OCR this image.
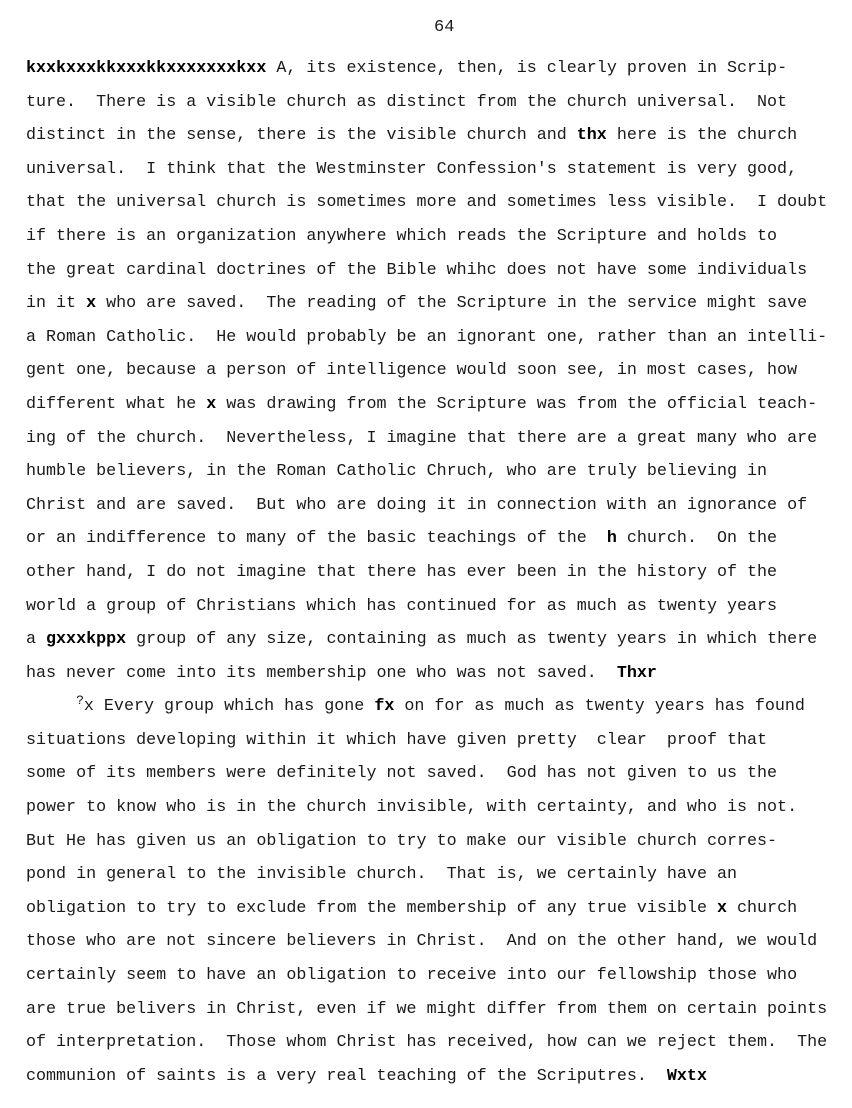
64
kxxkxxxkkxxxkkxxxxxxxkxx A, its existence, then, is clearly proven in Scrip-
ture.  There is a visible church as distinct from the church universal.  Not
distinct in the sense, there is the visible church and thx here is the church
universal.  I think that the Westminster Confession's statement is very good,
that the universal church is sometimes more and sometimes less visible.  I doubt
if there is an organization anywhere which reads the Scripture and holds to
the great cardinal doctrines of the Bible whihc does not have some individuals
in it x who are saved.  The reading of the Scripture in the service might save
a Roman Catholic.  He would probably be an ignorant one, rather than an intelli-
gent one, because a person of intelligence would soon see, in most cases, how
different what he x was drawing from the Scripture was from the official teach-
ing of the church.  Nevertheless, I imagine that there are a great many who are
humble believers, in the Roman Catholic Chruch, who are truly believing in
Christ and are saved.  But who are doing it in connection with an ignorance of
or an indifference to many of the basic teachings of the  h church.  On the
other hand, I do not imagine that there has ever been in the history of the
world a group of Christians which has continued for as much as twenty years
a gxxxkppx group of any size, containing as much as twenty years in which there
has never come into its membership one who was not saved.  Thxr
?x Every group which has gone fx on for as much as twenty years has found
situations developing within it which have given pretty  clear  proof that
some of its members were definitely not saved.  God has not given to us the
power to know who is in the church invisible, with certainty, and who is not.
But He has given us an obligation to try to make our visible church corres-
pond in general to the invisible church.  That is, we certainly have an
obligation to try to exclude from the membership of any true visible x church
those who are not sincere believers in Christ.  And on the other hand, we would
certainly seem to have an obligation to receive into our fellowship those who
are true belivers in Christ, even if we might differ from them on certain points
of interpretation.  Those whom Christ has received, how can we reject them.  The
communion of saints is a very real teaching of the Scriputres.  Wxtx
